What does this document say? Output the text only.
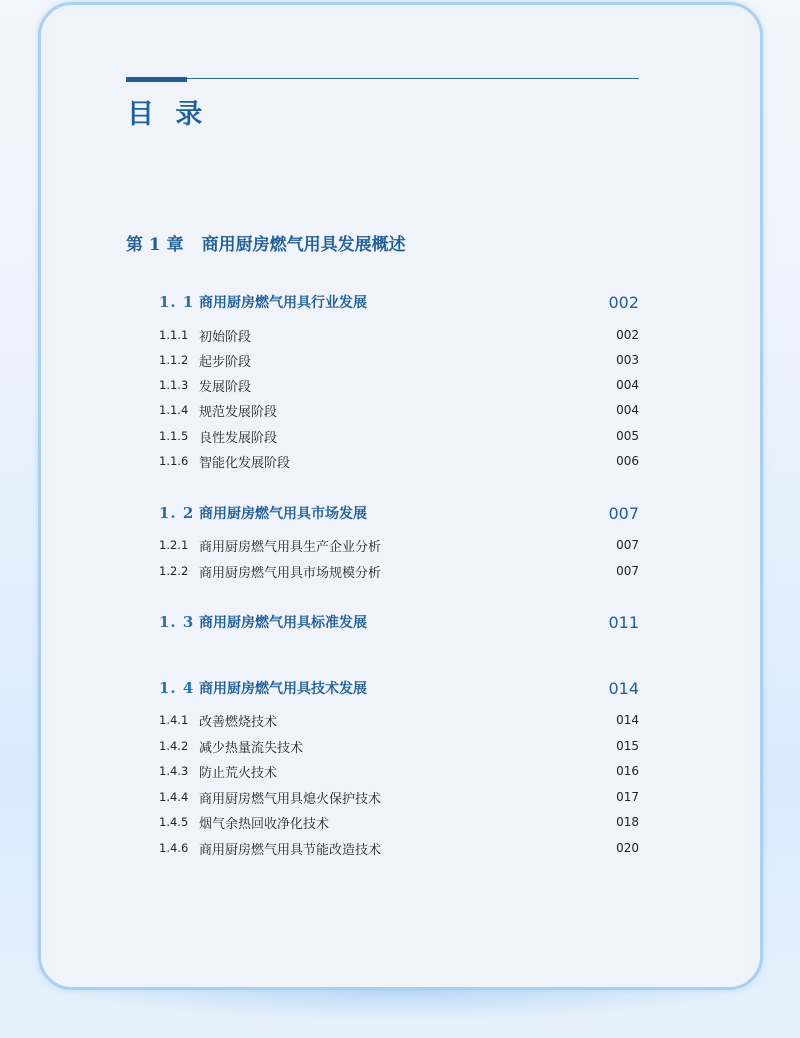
目 录
第 1 章 商用厨房燃气用具发展概述
1. 1 商用厨房燃气用具行业发展	002
1.1.1 初始阶段	002
1.1.2 起步阶段	003
1.1.3 发展阶段	004
1.1.4 规范发展阶段	004
1.1.5 良性发展阶段	005
1.1.6 智能化发展阶段	006
1. 2 商用厨房燃气用具市场发展	007
1.2.1 商用厨房燃气用具生产企业分析	007
1.2.2 商用厨房燃气用具市场规模分析	007
1. 3 商用厨房燃气用具标准发展	011
1. 4 商用厨房燃气用具技术发展	014
1.4.1 改善燃烧技术	014
1.4.2 减少热量流失技术	015
1.4.3 防止荒火技术	016
1.4.4 商用厨房燃气用具熄火保护技术	017
1.4.5 烟气余热回收净化技术	018
1.4.6 商用厨房燃气用具节能改造技术	020
